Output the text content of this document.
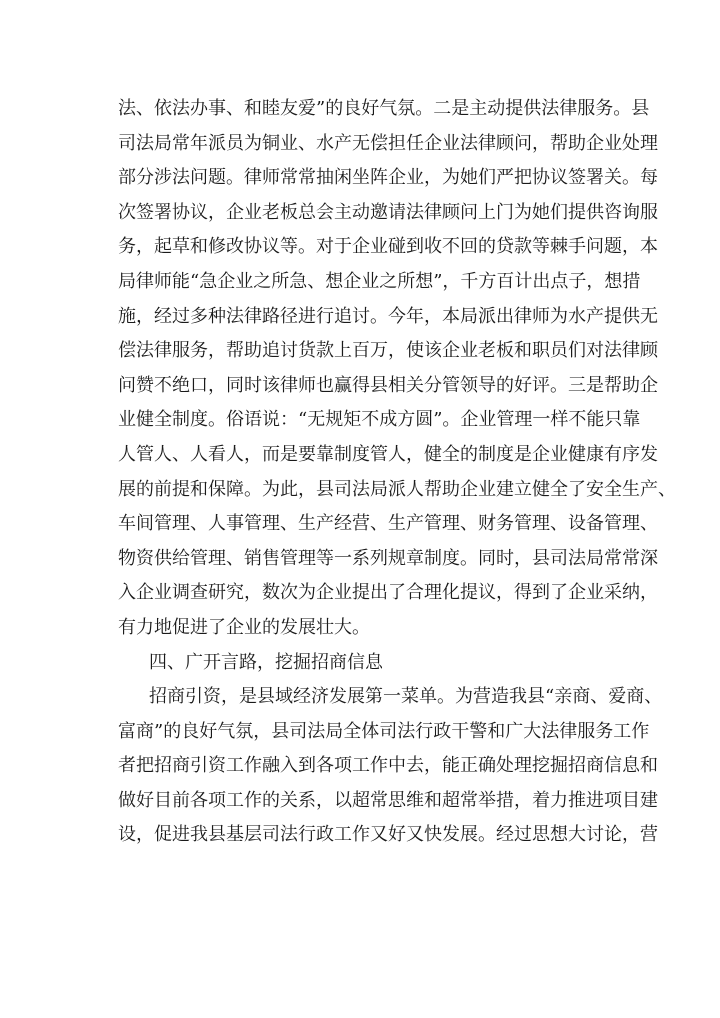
法、依法办事、和睦友爱”的良好气氛。二是主动提供法律服务。县
司法局常年派员为铜业、水产无偿担任企业法律顾问，帮助企业处理
部分涉法问题。律师常常抽闲坐阵企业，为她们严把协议签署关。每
次签署协议，企业老板总会主动邀请法律顾问上门为她们提供咨询服
务，起草和修改协议等。对于企业碰到收不回的贷款等棘手问题，本
局律师能“急企业之所急、想企业之所想”，千方百计出点子，想措
施，经过多种法律路径进行追讨。今年，本局派出律师为水产提供无
偿法律服务，帮助追讨货款上百万，使该企业老板和职员们对法律顾
问赞不绝口，同时该律师也赢得县相关分管领导的好评。三是帮助企
业健全制度。俗语说：“无规矩不成方圆”。企业管理一样不能只靠
人管人、人看人，而是要靠制度管人，健全的制度是企业健康有序发
展的前提和保障。为此，县司法局派人帮助企业建立健全了安全生产、
车间管理、人事管理、生产经营、生产管理、财务管理、设备管理、
物资供给管理、销售管理等一系列规章制度。同时，县司法局常常深
入企业调查研究，数次为企业提出了合理化提议，得到了企业采纳，
有力地促进了企业的发展壮大。
四、广开言路，挖掘招商信息
招商引资，是县域经济发展第一菜单。为营造我县“亲商、爱商、
富商”的良好气氛，县司法局全体司法行政干警和广大法律服务工作
者把招商引资工作融入到各项工作中去，能正确处理挖掘招商信息和
做好目前各项工作的关系，以超常思维和超常举措，着力推进项目建
设，促进我县基层司法行政工作又好又快发展。经过思想大讨论，营
